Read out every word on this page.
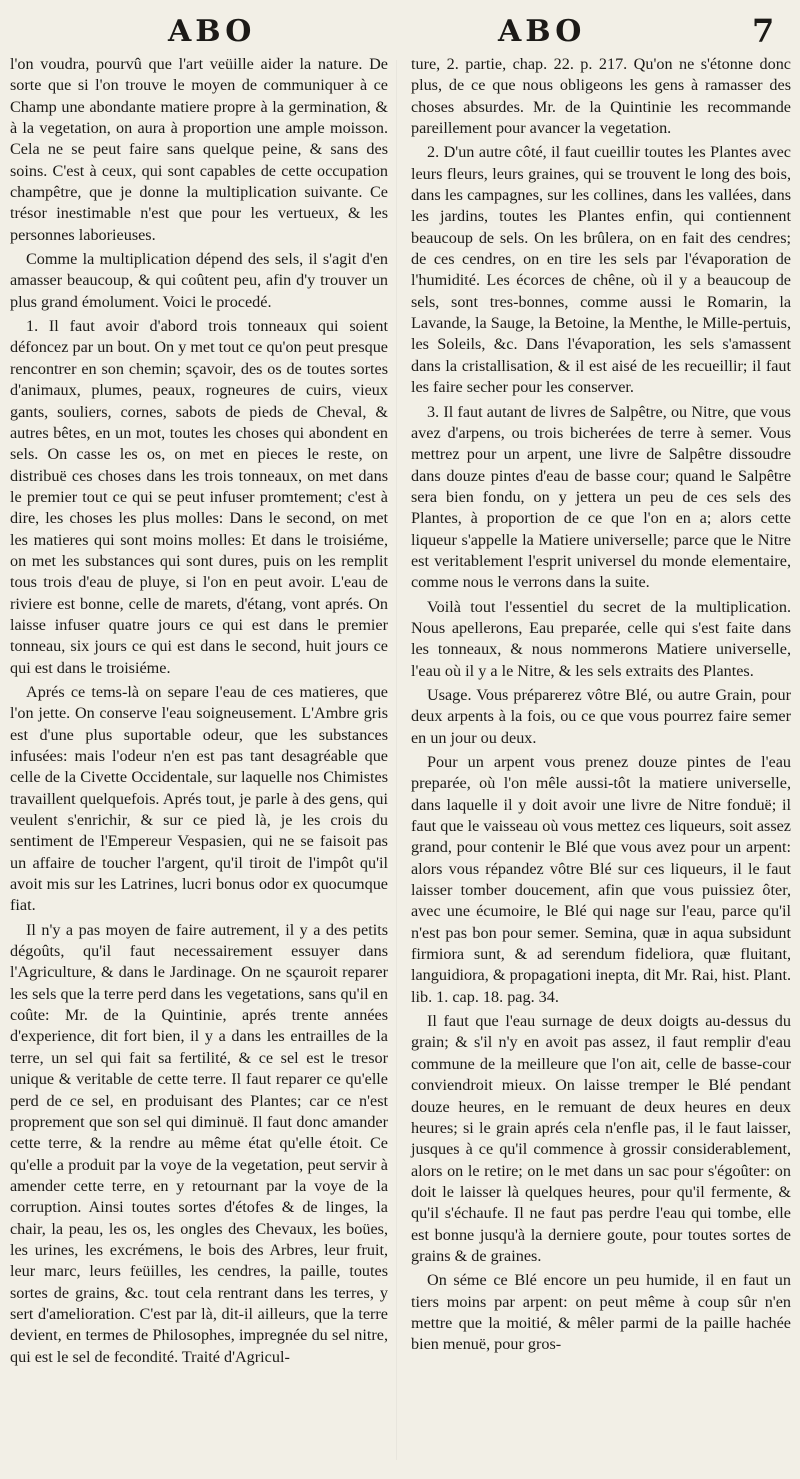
ABO	ABO	7

l'on voudra, pourvû que l'art veüille aider la nature. De sorte que si l'on trouve le moyen de communiquer à ce Champ une abondante matiere propre à la germination, & à la vegetation, on aura à proportion une ample moisson. Cela ne se peut faire sans quelque peine, & sans des soins. C'est à ceux, qui sont capables de cette occupation champêtre, que je donne la multiplication suivante. Ce trésor inestimable n'est que pour les vertueux, & les personnes laborieuses.

Comme la multiplication dépend des sels, il s'agit d'en amasser beaucoup, & qui coûtent peu, afin d'y trouver un plus grand émolument. Voici le procedé.

1. Il faut avoir d'abord trois tonneaux qui soient défoncez par un bout. On y met tout ce qu'on peut presque rencontrer en son chemin; sçavoir, des os de toutes sortes d'animaux, plumes, peaux, rogneures de cuirs, vieux gants, souliers, cornes, sabots de pieds de Cheval, & autres bêtes, en un mot, toutes les choses qui abondent en sels. On casse les os, on met en pieces le reste, on distribuë ces choses dans les trois tonneaux, on met dans le premier tout ce qui se peut infuser promtement; c'est à dire, les choses les plus molles: Dans le second, on met les matieres qui sont moins molles: Et dans le troisiéme, on met les substances qui sont dures, puis on les remplit tous trois d'eau de pluye, si l'on en peut avoir. L'eau de riviere est bonne, celle de marets, d'étang, vont aprés. On laisse infuser quatre jours ce qui est dans le premier tonneau, six jours ce qui est dans le second, huit jours ce qui est dans le troisiéme.

Aprés ce tems-là on separe l'eau de ces matieres, que l'on jette. On conserve l'eau soigneusement. L'Ambre gris est d'une plus suportable odeur, que les substances infusées: mais l'odeur n'en est pas tant desagréable que celle de la Civette Occidentale, sur laquelle nos Chimistes travaillent quelquefois. Aprés tout, je parle à des gens, qui veulent s'enrichir, & sur ce pied là, je les crois du sentiment de l'Empereur Vespasien, qui ne se faisoit pas un affaire de toucher l'argent, qu'il tiroit de l'impôt qu'il avoit mis sur les Latrines, lucri bonus odor ex quocumque fiat.

Il n'y a pas moyen de faire autrement, il y a des petits dégoûts, qu'il faut necessairement essuyer dans l'Agriculture, & dans le Jardinage. On ne sçauroit reparer les sels que la terre perd dans les vegetations, sans qu'il en coûte: Mr. de la Quintinie, aprés trente années d'experience, dit fort bien, il y a dans les entrailles de la terre, un sel qui fait sa fertilité, & ce sel est le tresor unique & veritable de cette terre. Il faut reparer ce qu'elle perd de ce sel, en produisant des Plantes; car ce n'est proprement que son sel qui diminuë. Il faut donc amander cette terre, & la rendre au même état qu'elle étoit. Ce qu'elle a produit par la voye de la vegetation, peut servir à amender cette terre, en y retournant par la voye de la corruption. Ainsi toutes sortes d'étofes & de linges, la chair, la peau, les os, les ongles des Chevaux, les boües, les urines, les excrémens, le bois des Arbres, leur fruit, leur marc, leurs feüilles, les cendres, la paille, toutes sortes de grains, &c. tout cela rentrant dans les terres, y sert d'amelioration. C'est par là, dit-il ailleurs, que la terre devient, en termes de Philosophes, impregnée du sel nitre, qui est le sel de fecondité. Traité d'Agricul-

ture, 2. partie, chap. 22. p. 217. Qu'on ne s'étonne donc plus, de ce que nous obligeons les gens à ramasser des choses absurdes. Mr. de la Quintinie les recommande pareillement pour avancer la vegetation.

2. D'un autre côté, il faut cueillir toutes les Plantes avec leurs fleurs, leurs graines, qui se trouvent le long des bois, dans les campagnes, sur les collines, dans les vallées, dans les jardins, toutes les Plantes enfin, qui contiennent beaucoup de sels. On les brûlera, on en fait des cendres; de ces cendres, on en tire les sels par l'évaporation de l'humidité. Les écorces de chêne, où il y a beaucoup de sels, sont tres-bonnes, comme aussi le Romarin, la Lavande, la Sauge, la Betoine, la Menthe, le Mille-pertuis, les Soleils, &c. Dans l'évaporation, les sels s'amassent dans la cristallisation, & il est aisé de les recueillir; il faut les faire secher pour les conserver.

3. Il faut autant de livres de Salpêtre, ou Nitre, que vous avez d'arpens, ou trois bicherées de terre à semer. Vous mettrez pour un arpent, une livre de Salpêtre dissoudre dans douze pintes d'eau de basse cour; quand le Salpêtre sera bien fondu, on y jettera un peu de ces sels des Plantes, à proportion de ce que l'on en a; alors cette liqueur s'appelle la Matiere universelle; parce que le Nitre est veritablement l'esprit universel du monde elementaire, comme nous le verrons dans la suite.

Voilà tout l'essentiel du secret de la multiplication. Nous apellerons, Eau preparée, celle qui s'est faite dans les tonneaux, & nous nommerons Matiere universelle, l'eau où il y a le Nitre, & les sels extraits des Plantes.

Usage. Vous préparerez vôtre Blé, ou autre Grain, pour deux arpents à la fois, ou ce que vous pourrez faire semer en un jour ou deux.

Pour un arpent vous prenez douze pintes de l'eau preparée, où l'on mêle aussi-tôt la matiere universelle, dans laquelle il y doit avoir une livre de Nitre fonduë; il faut que le vaisseau où vous mettez ces liqueurs, soit assez grand, pour contenir le Blé que vous avez pour un arpent: alors vous répandez vôtre Blé sur ces liqueurs, il le faut laisser tomber doucement, afin que vous puissiez ôter, avec une écumoire, le Blé qui nage sur l'eau, parce qu'il n'est pas bon pour semer. Semina, quæ in aqua subsidunt firmiora sunt, & ad serendum fideliora, quæ fluitant, languidiora, & propagationi inepta, dit Mr. Rai, hist. Plant. lib. 1. cap. 18. pag. 34.

Il faut que l'eau surnage de deux doigts au-dessus du grain; & s'il n'y en avoit pas assez, il faut remplir d'eau commune de la meilleure que l'on ait, celle de basse-cour conviendroit mieux. On laisse tremper le Blé pendant douze heures, en le remuant de deux heures en deux heures; si le grain aprés cela n'enfle pas, il le faut laisser, jusques à ce qu'il commence à grossir considerablement, alors on le retire; on le met dans un sac pour s'égoûter: on doit le laisser là quelques heures, pour qu'il fermente, & qu'il s'échaufe. Il ne faut pas perdre l'eau qui tombe, elle est bonne jusqu'à la derniere goute, pour toutes sortes de grains & de graines.

On séme ce Blé encore un peu humide, il en faut un tiers moins par arpent: on peut même à coup sûr n'en mettre que la moitié, & mêler parmi de la paille hachée bien menuë, pour gros-
